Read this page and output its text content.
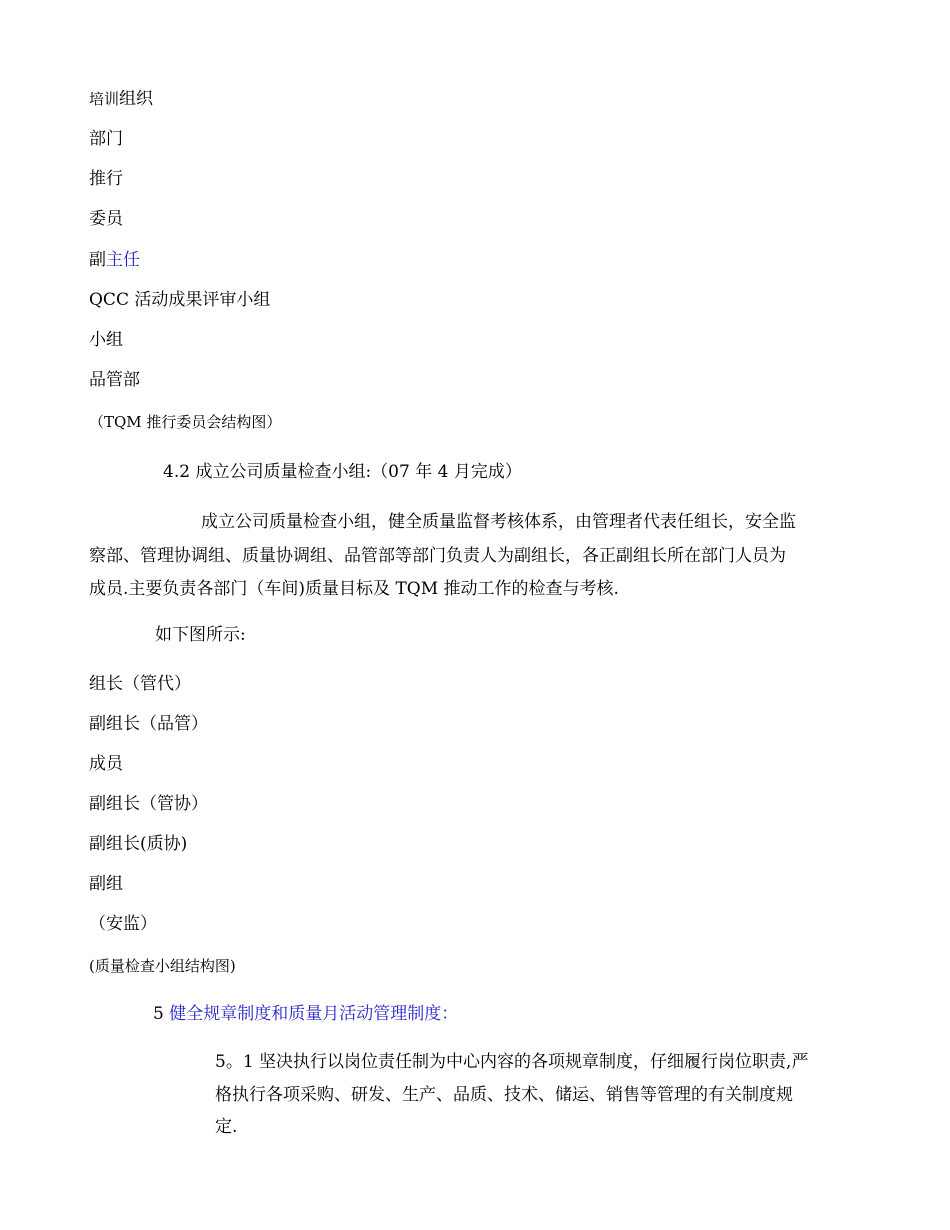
培训组织
部门
推行
委员
副主任
QCC 活动成果评审小组
小组
品管部
（TQM 推行委员会结构图）
4.2 成立公司质量检查小组:（07 年 4 月完成）
成立公司质量检查小组，健全质量监督考核体系，由管理者代表任组长，安全监
察部、管理协调组、质量协调组、品管部等部门负责人为副组长，各正副组长所在部门人员为
成员.主要负责各部门（车间)质量目标及 TQM 推动工作的检查与考核.
如下图所示:
组长（管代）
副组长（品管）
成员
副组长（管协）
副组长(质协)
副组
（安监）
(质量检查小组结构图)
5 健全规章制度和质量月活动管理制度：
5。1 坚决执行以岗位责任制为中心内容的各项规章制度，仔细履行岗位职责,严
格执行各项采购、研发、生产、品质、技术、储运、销售等管理的有关制度规
定.
